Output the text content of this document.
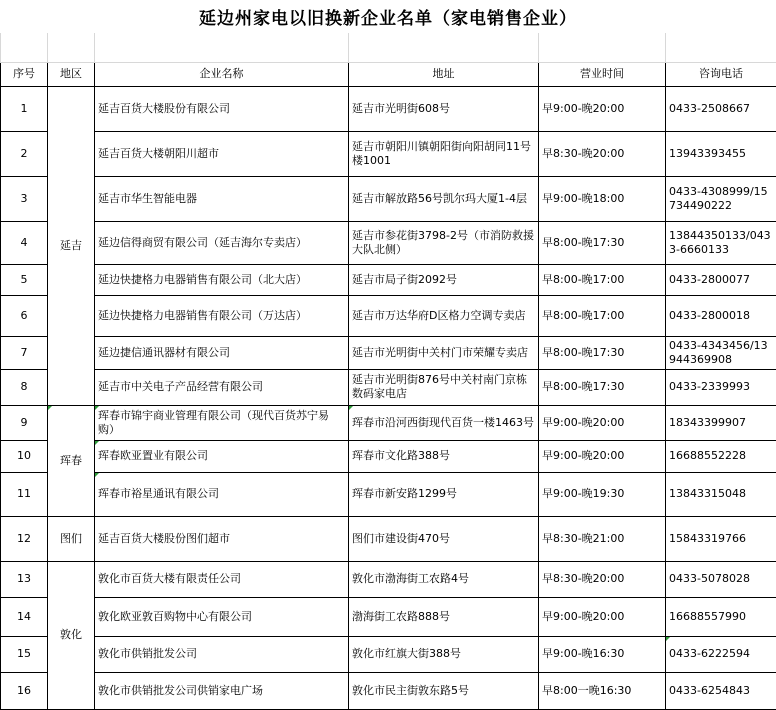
延边州家电以旧换新企业名单（家电销售企业）

序号	地区	企业名称	地址	营业时间	咨询电话
1	延吉	延吉百货大楼股份有限公司	延吉市光明街608号	早9:00-晚20:00	0433-2508667
2		延吉百货大楼朝阳川超市	延吉市朝阳川镇朝阳街向阳胡同11号楼1001	早8:30-晚20:00	13943393455
3		延吉市华生智能电器	延吉市解放路56号凯尔玛大厦1-4层	早9:00-晚18:00	0433-4308999/15734490222
4		延边信得商贸有限公司（延吉海尔专卖店）	延吉市参花街3798-2号（市消防救援大队北侧）	早8:00-晚17:30	13844350133/0433-6660133
5		延边快捷格力电器销售有限公司（北大店）	延吉市局子街2092号	早8:00-晚17:00	0433-2800077
6		延边快捷格力电器销售有限公司（万达店）	延吉市万达华府D区格力空调专卖店	早8:00-晚17:00	0433-2800018
7		延边捷信通讯器材有限公司	延吉市光明街中关村门市荣耀专卖店	早8:00-晚17:30	0433-4343456/13944369908
8		延吉市中关电子产品经营有限公司	延吉市光明街876号中关村南门京栋数码家电店	早8:00-晚17:30	0433-2339993
9	珲春	珲春市锦宇商业管理有限公司（现代百货苏宁易购）	珲春市沿河西街现代百货一楼1463号	早9:00-晚20:00	18343399907
10		珲春欧亚置业有限公司	珲春市文化路388号	早9:00-晚20:00	16688552228
11		珲春市裕星通讯有限公司	珲春市新安路1299号	早9:00-晚19:30	13843315048
12	图们	延吉百货大楼股份图们超市	图们市建设街470号	早8:30-晚21:00	15843319766
13	敦化	敦化市百货大楼有限责任公司	敦化市渤海街工农路4号	早8:30-晚20:00	0433-5078028
14		敦化欧亚敦百购物中心有限公司	渤海街工农路888号	早9:00-晚20:00	16688557990
15		敦化市供销批发公司	敦化市红旗大街388号	早9:00-晚16:30	0433-6222594
16		敦化市供销批发公司供销家电广场	敦化市民主街敦东路5号	早8:00一晚16:30	0433-6254843
